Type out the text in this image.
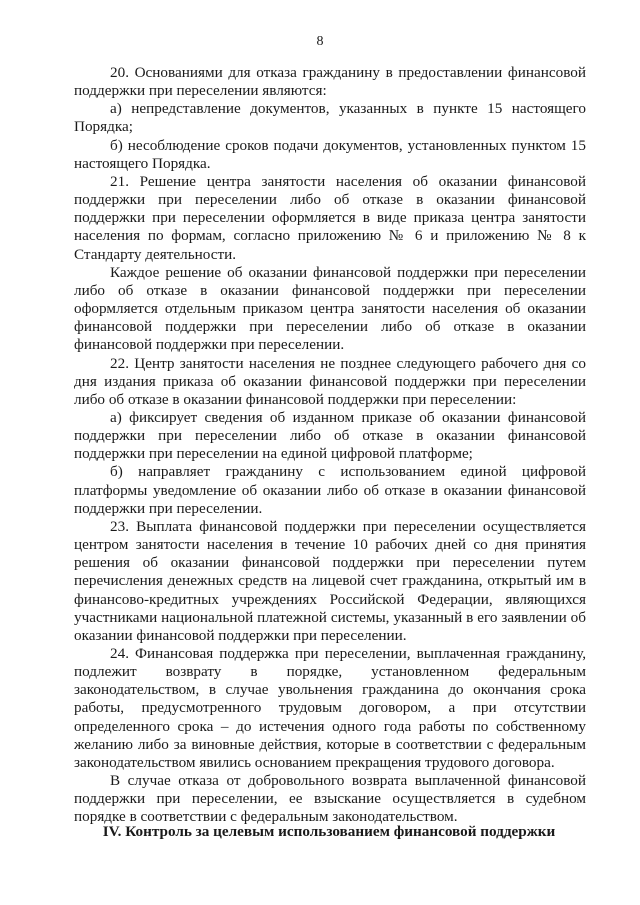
8

20. Основаниями для отказа гражданину в предоставлении финансовой поддержки при переселении являются:

а) непредставление документов, указанных в пункте 15 настоящего Порядка;

б) несоблюдение сроков подачи документов, установленных пунктом 15 настоящего Порядка.

21. Решение центра занятости населения об оказании финансовой поддержки при переселении либо об отказе в оказании финансовой поддержки при переселении оформляется в виде приказа центра занятости населения по формам, согласно приложению № 6 и приложению № 8 к Стандарту деятельности.

Каждое решение об оказании финансовой поддержки при переселении либо об отказе в оказании финансовой поддержки при переселении оформляется отдельным приказом центра занятости населения об оказании финансовой поддержки при переселении либо об отказе в оказании финансовой поддержки при переселении.

22. Центр занятости населения не позднее следующего рабочего дня со дня издания приказа об оказании финансовой поддержки при переселении либо об отказе в оказании финансовой поддержки при переселении:

а) фиксирует сведения об изданном приказе об оказании финансовой поддержки при переселении либо об отказе в оказании финансовой поддержки при переселении на единой цифровой платформе;

б) направляет гражданину с использованием единой цифровой платформы уведомление об оказании либо об отказе в оказании финансовой поддержки при переселении.

23. Выплата финансовой поддержки при переселении осуществляется центром занятости населения в течение 10 рабочих дней со дня принятия решения об оказании финансовой поддержки при переселении путем перечисления денежных средств на лицевой счет гражданина, открытый им в финансово-кредитных учреждениях Российской Федерации, являющихся участниками национальной платежной системы, указанный в его заявлении об оказании финансовой поддержки при переселении.

24. Финансовая поддержка при переселении, выплаченная гражданину, подлежит возврату в порядке, установленном федеральным законодательством, в случае увольнения гражданина до окончания срока работы, предусмотренного трудовым договором, а при отсутствии определенного срока – до истечения одного года работы по собственному желанию либо за виновные действия, которые в соответствии с федеральным законодательством явились основанием прекращения трудового договора.

В случае отказа от добровольного возврата выплаченной финансовой поддержки при переселении, ее взыскание осуществляется в судебном порядке в соответствии с федеральным законодательством.

IV. Контроль за целевым использованием финансовой поддержки
